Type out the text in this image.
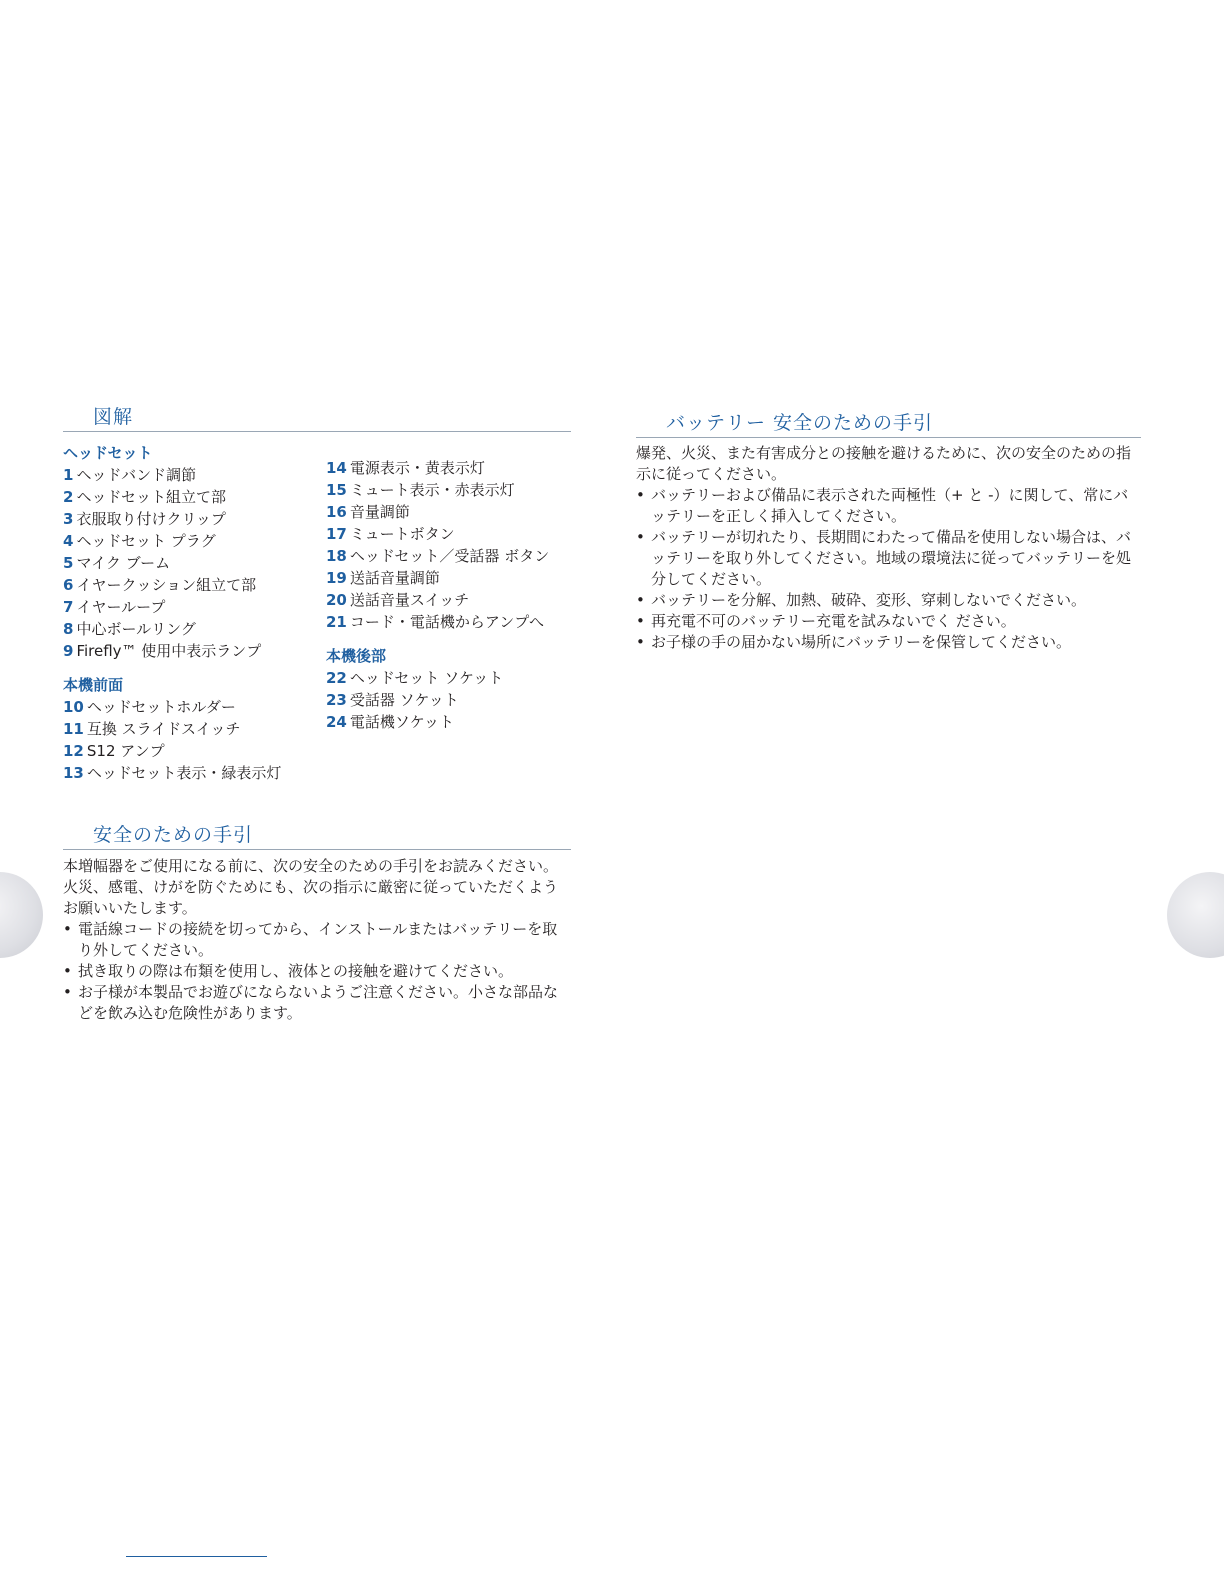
図解
ヘッドセット
1 ヘッドバンド調節
2 ヘッドセット組立て部
3 衣服取り付けクリップ
4 ヘッドセット プラグ
5 マイク ブーム
6 イヤークッション組立て部
7 イヤーループ
8 中心ボールリング
9 Firefly™ 使用中表示ランプ
本機前面
10 ヘッドセットホルダー
11 互換 スライドスイッチ
12 S12 アンプ
13 ヘッドセット表示・緑表示灯
14 電源表示・黄表示灯
15 ミュート表示・赤表示灯
16 音量調節
17 ミュートボタン
18 ヘッドセット／受話器 ボタン
19 送話音量調節
20 送話音量スイッチ
21 コード・電話機からアンプへ
本機後部
22 ヘッドセット ソケット
23 受話器 ソケット
24 電話機ソケット
安全のための手引

本増幅器をご使用になる前に、次の安全のための手引をお読みください。火災、感電、けがを防ぐためにも、次の指示に厳密に従っていただくようお願いいたします。

• 電話線コードの接続を切ってから、インストールまたはバッテリーを取り外してください。

• 拭き取りの際は布類を使用し、液体との接触を避けてください。

• お子様が本製品でお遊びにならないようご注意ください。小さな部品などを飲み込む危険性があります。

バッテリー 安全のための手引

爆発、火災、また有害成分との接触を避けるために、次の安全のための指示に従ってください。

• バッテリーおよび備品に表示された両極性（+ と -）に関して、常にバッテリーを正しく挿入してください。

• バッテリーが切れたり、長期間にわたって備品を使用しない場合は、バッテリーを取り外してください。地域の環境法に従ってバッテリーを処分してください。

• バッテリーを分解、加熱、破砕、変形、穿刺しないでください。

• 再充電不可のバッテリー充電を試みないでく ださい。

• お子様の手の届かない場所にバッテリーを保管してください。
